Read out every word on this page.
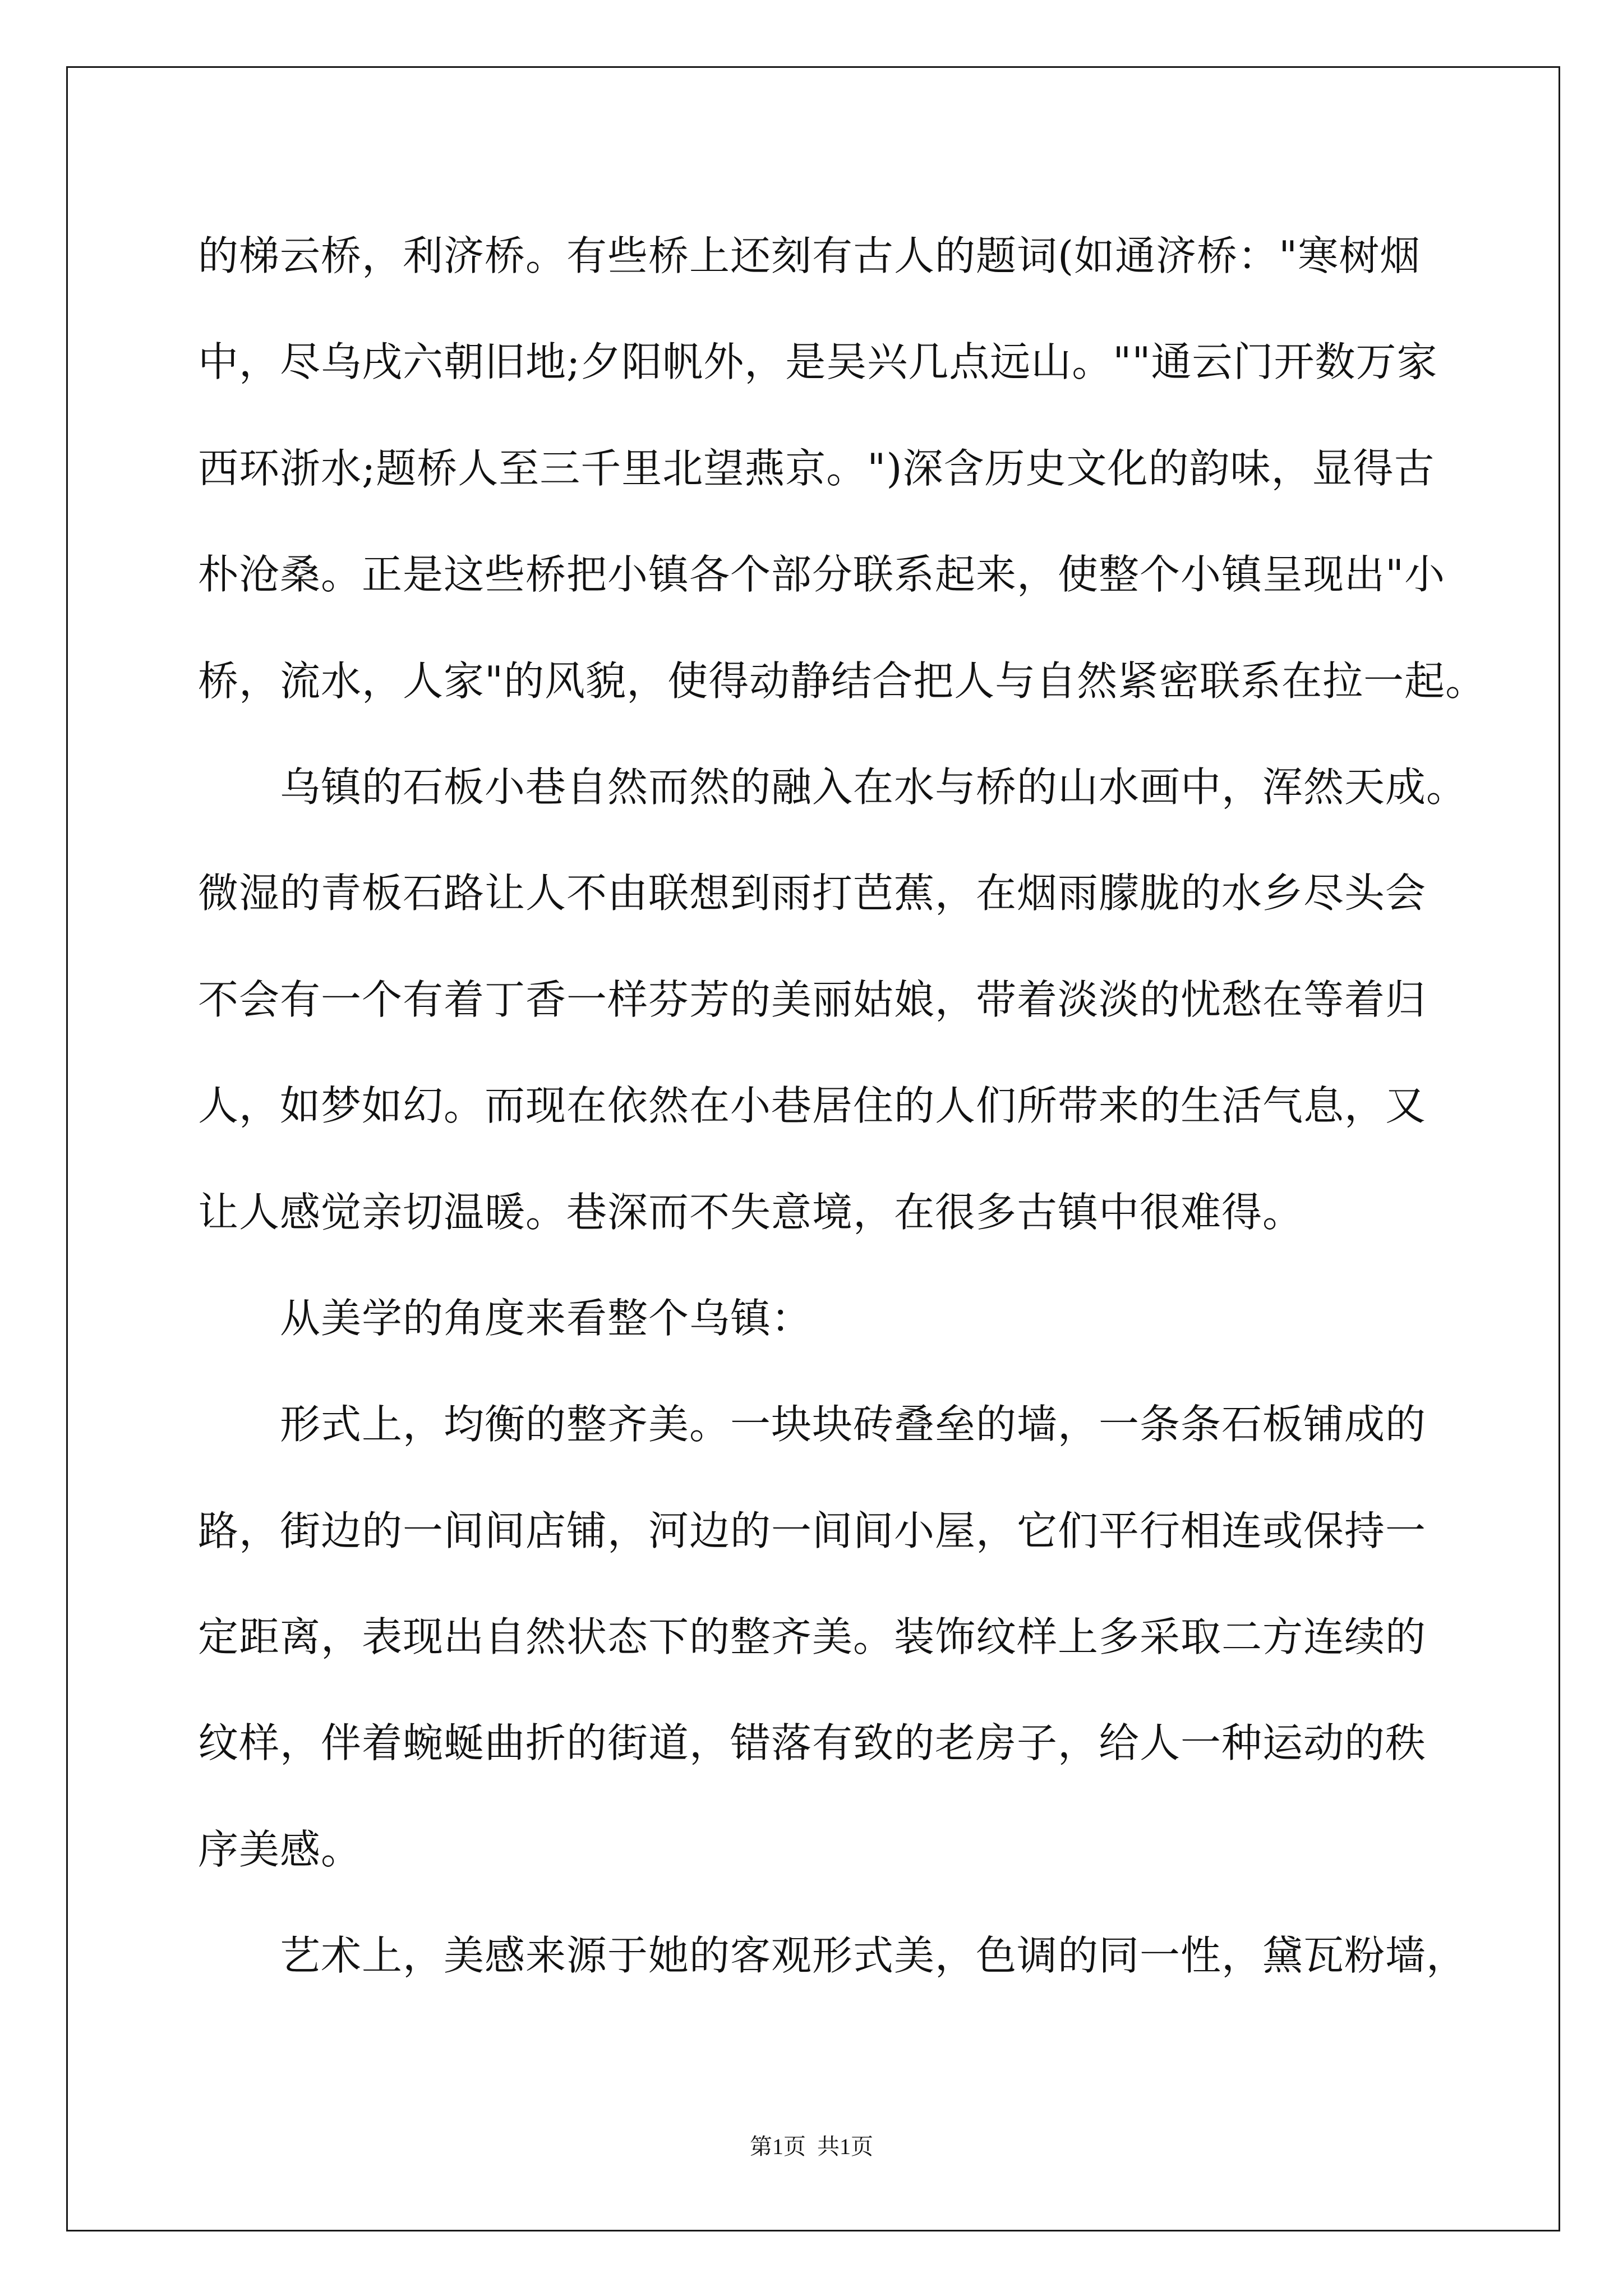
的梯云桥，利济桥。有些桥上还刻有古人的题词(如通济桥："寒树烟
中，尽乌戌六朝旧地;夕阳帆外，是吴兴几点远山。""通云门开数万家
西环浙水;题桥人至三千里北望燕京。")深含历史文化的韵味，显得古
朴沧桑。正是这些桥把小镇各个部分联系起来，使整个小镇呈现出"小
桥，流水，人家"的风貌，使得动静结合把人与自然紧密联系在拉一起。
乌镇的石板小巷自然而然的融入在水与桥的山水画中，浑然天成。
微湿的青板石路让人不由联想到雨打芭蕉，在烟雨朦胧的水乡尽头会
不会有一个有着丁香一样芬芳的美丽姑娘，带着淡淡的忧愁在等着归
人，如梦如幻。而现在依然在小巷居住的人们所带来的生活气息，又
让人感觉亲切温暖。巷深而不失意境，在很多古镇中很难得。
从美学的角度来看整个乌镇：
形式上，均衡的整齐美。一块块砖叠垒的墙，一条条石板铺成的
路，街边的一间间店铺，河边的一间间小屋，它们平行相连或保持一
定距离，表现出自然状态下的整齐美。装饰纹样上多采取二方连续的
纹样，伴着蜿蜒曲折的街道，错落有致的老房子，给人一种运动的秩
序美感。
艺术上，美感来源于她的客观形式美，色调的同一性，黛瓦粉墙，
第1页  共1页
